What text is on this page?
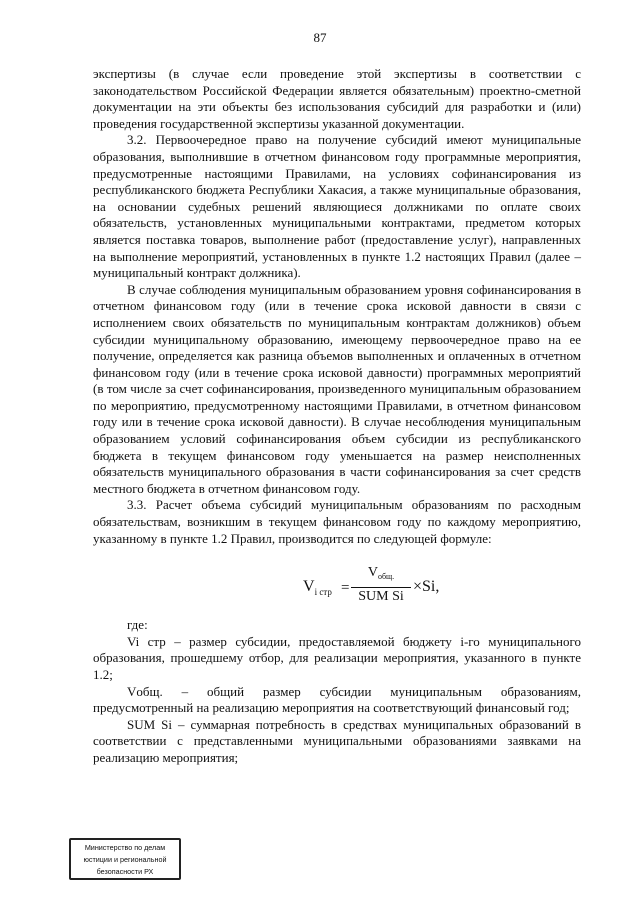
87

экспертизы (в случае если проведение этой экспертизы в соответствии с законодательством Российской Федерации является обязательным) проектно-сметной документации на эти объекты без использования субсидий для разработки и (или) проведения государственной экспертизы указанной документации.

3.2. Первоочередное право на получение субсидий имеют муниципальные образования, выполнившие в отчетном финансовом году программные мероприятия, предусмотренные настоящими Правилами, на условиях софинансирования из республиканского бюджета Республики Хакасия, а также муниципальные образования, на основании судебных решений являющиеся должниками по оплате своих обязательств, установленных муниципальными контрактами, предметом которых является поставка товаров, выполнение работ (предоставление услуг), направленных на выполнение мероприятий, установленных в пункте 1.2 настоящих Правил (далее – муниципальный контракт должника).

В случае соблюдения муниципальным образованием уровня софинансирования в отчетном финансовом году (или в течение срока исковой давности в связи с исполнением своих обязательств по муниципальным контрактам должников) объем субсидии муниципальному образованию, имеющему первоочередное право на ее получение, определяется как разница объемов выполненных и оплаченных в отчетном финансовом году (или в течение срока исковой давности) программных мероприятий (в том числе за счет софинансирования, произведенного муниципальным образованием по мероприятию, предусмотренному настоящими Правилами, в отчетном финансовом году или в течение срока исковой давности). В случае несоблюдения муниципальным образованием условий софинансирования объем субсидии из республиканского бюджета в текущем финансовом году уменьшается на размер неисполненных обязательств муниципального образования в части софинансирования за счет средств местного бюджета в отчетном финансовом году.

3.3. Расчет объема субсидий муниципальным образованиям по расходным обязательствам, возникшим в текущем финансовом году по каждому мероприятию, указанному в пункте 1.2 Правил, производится по следующей формуле:

$V_{i стр}$ =
$V_{общ.}$
SUM Si
×Si,

где:

Vi стр – размер субсидии, предоставляемой бюджету i-го муниципального образования, прошедшему отбор, для реализации мероприятия, указанного в пункте 1.2;

Vобщ. – общий размер субсидии муниципальным образованиям, предусмотренный на реализацию мероприятия на соответствующий финансовый год;

SUM Si – суммарная потребность в средствах муниципальных образований в соответствии с представленными муниципальными образованиями заявками на реализацию мероприятия;

Министерство по делам
юстиции и региональной
безопасности РХ
